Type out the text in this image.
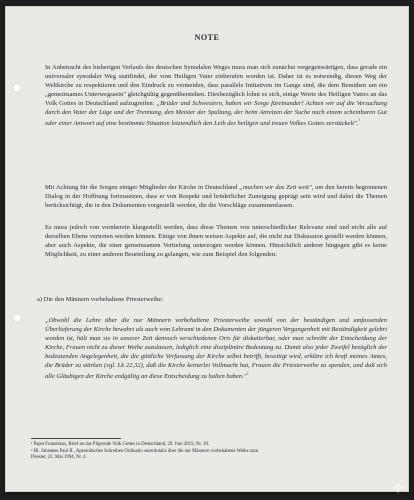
NOTE
In Anbetracht des bisherigen Verlaufs des deutschen Synodalen Weges muss man sich zunächst vergegenwärtigen, dass gerade ein universaler synodaler Weg stattfindet, der vom Heiligen Vater einberufen worden ist. Daher ist es notwendig, diesen Weg der Weltkirche zu respektieren und den Eindruck zu vermeiden, dass parallele Initiativen im Gange sind, die dem Bemühen um ein „gemeinsames Unterwegssein" gleichgültig gegenüberstehen. Diesbezüglich lohnt es sich, einige Worte des Heiligen Vaters an das Volk Gottes in Deutschland aufzugreifen: „Brüder und Schwestern, haben wir Sorge füreinander! Achten wir auf die Versuchung durch den Vater der Lüge und der Trennung, den Meister der Spaltung, der beim Anreizen der Suche nach einem scheinbaren Gut oder einer Antwort auf eine bestimmte Situation letztendlich den Leib des heiligen und treuen Volkes Gottes zerstückelt".$^{^1}$
Mit Achtung für die Sorgen einiger Mitglieder der Kirche in Deutschland „machen wir das Zeit weit", um den bereits begonnenen Dialog in der Hoffnung fortzusetzen, dass er von Respekt und brüderlicher Zuneigung geprägt sein wird und dabei die Themen berücksichtigt, die in den Dokumenten vorgestellt werden, die die Vorschläge zusammenfassen.
Es muss jedoch von vornherein klargestellt werden, dass diese Themen von unterschiedlicher Relevanz sind und nicht alle auf derselben Ebene vertreten werden können. Einige von ihnen weisen Aspekte auf, die nicht zur Diskussion gestellt werden können, aber auch Aspekte, die einer gemeinsamen Vertiefung unterzogen werden können. Hinsichtlich anderer hingegen gibt es keine Möglichkeit, zu einer anderen Beurteilung zu gelangen, wie zum Beispiel den folgenden:
a) Die den Männern vorbehaltene Priesterweihe:
„Obwohl die Lehre über die nur Männern vorbehaltene Priesterweihe sowohl von der beständigen und umfassenden Überlieferung der Kirche bewahrt als auch vom Lehramt in den Dokumenten der jüngeren Vergangenheit mit Beständigkeit gelehrt worden ist, hält man sie in unserer Zeit dennoch verschiedenen Orts für diskutierbar, oder man schreibt der Entscheidung der Kirche, Frauen nicht zu dieser Weihe zuzulassen, lediglich eine disziplinäre Bedeutung zu. Damit also jeder Zweifel bezüglich der bedeutenden Angelegenheit, die die göttliche Verfassung der Kirche selbst betrifft, beseitigt wird, erkläre ich kraft meines Amtes, die Brüder zu stärken (vgl. Lk 22,32), daß die Kirche keinerlei Vollmacht hat, Frauen die Priesterweihe zu spenden, und daß sich alle Gläubigen der Kirche endgültig an diese Entscheidung zu halten haben."$^{^2}$
¹ Papst Franziskus, Brief an das Pilgernde Volk Gottes in Deutschland, 29. Juni 2019, Nr. 10.
² Hl. Johannes Paul II., Apostolisches Schreiben Ordinatio sacerdotalis über die nur Männern vorbehaltene Weihe zum
Priester, 22. Mai 1994, Nr. 4.
✦
